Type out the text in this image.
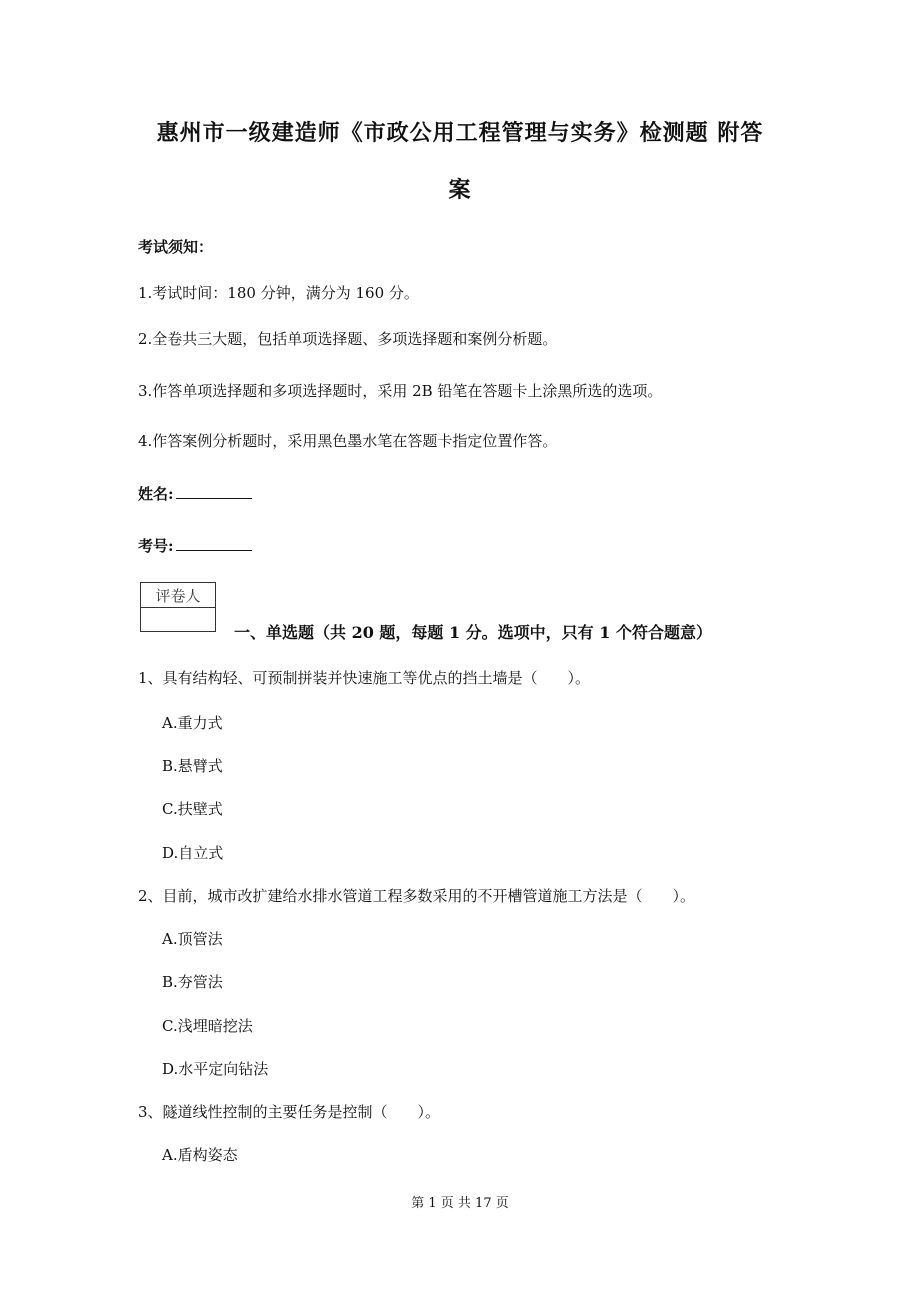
惠州市一级建造师《市政公用工程管理与实务》检测题 附答
案
考试须知：
1.考试时间：180 分钟，满分为 160 分。
2.全卷共三大题，包括单项选择题、多项选择题和案例分析题。
3.作答单项选择题和多项选择题时，采用 2B 铅笔在答题卡上涂黑所选的选项。
4.作答案例分析题时，采用黑色墨水笔在答题卡指定位置作答。
姓名:
考号:
评卷人
一、单选题（共 20 题，每题 1 分。选项中，只有 1 个符合题意）
1、具有结构轻、可预制拼装并快速施工等优点的挡土墙是（　　）。
A.重力式
B.悬臂式
C.扶壁式
D.自立式
2、目前，城市改扩建给水排水管道工程多数采用的不开槽管道施工方法是（　　）。
A.顶管法
B.夯管法
C.浅埋暗挖法
D.水平定向钻法
3、隧道线性控制的主要任务是控制（　　）。
A.盾构姿态
第 1 页 共 17 页
